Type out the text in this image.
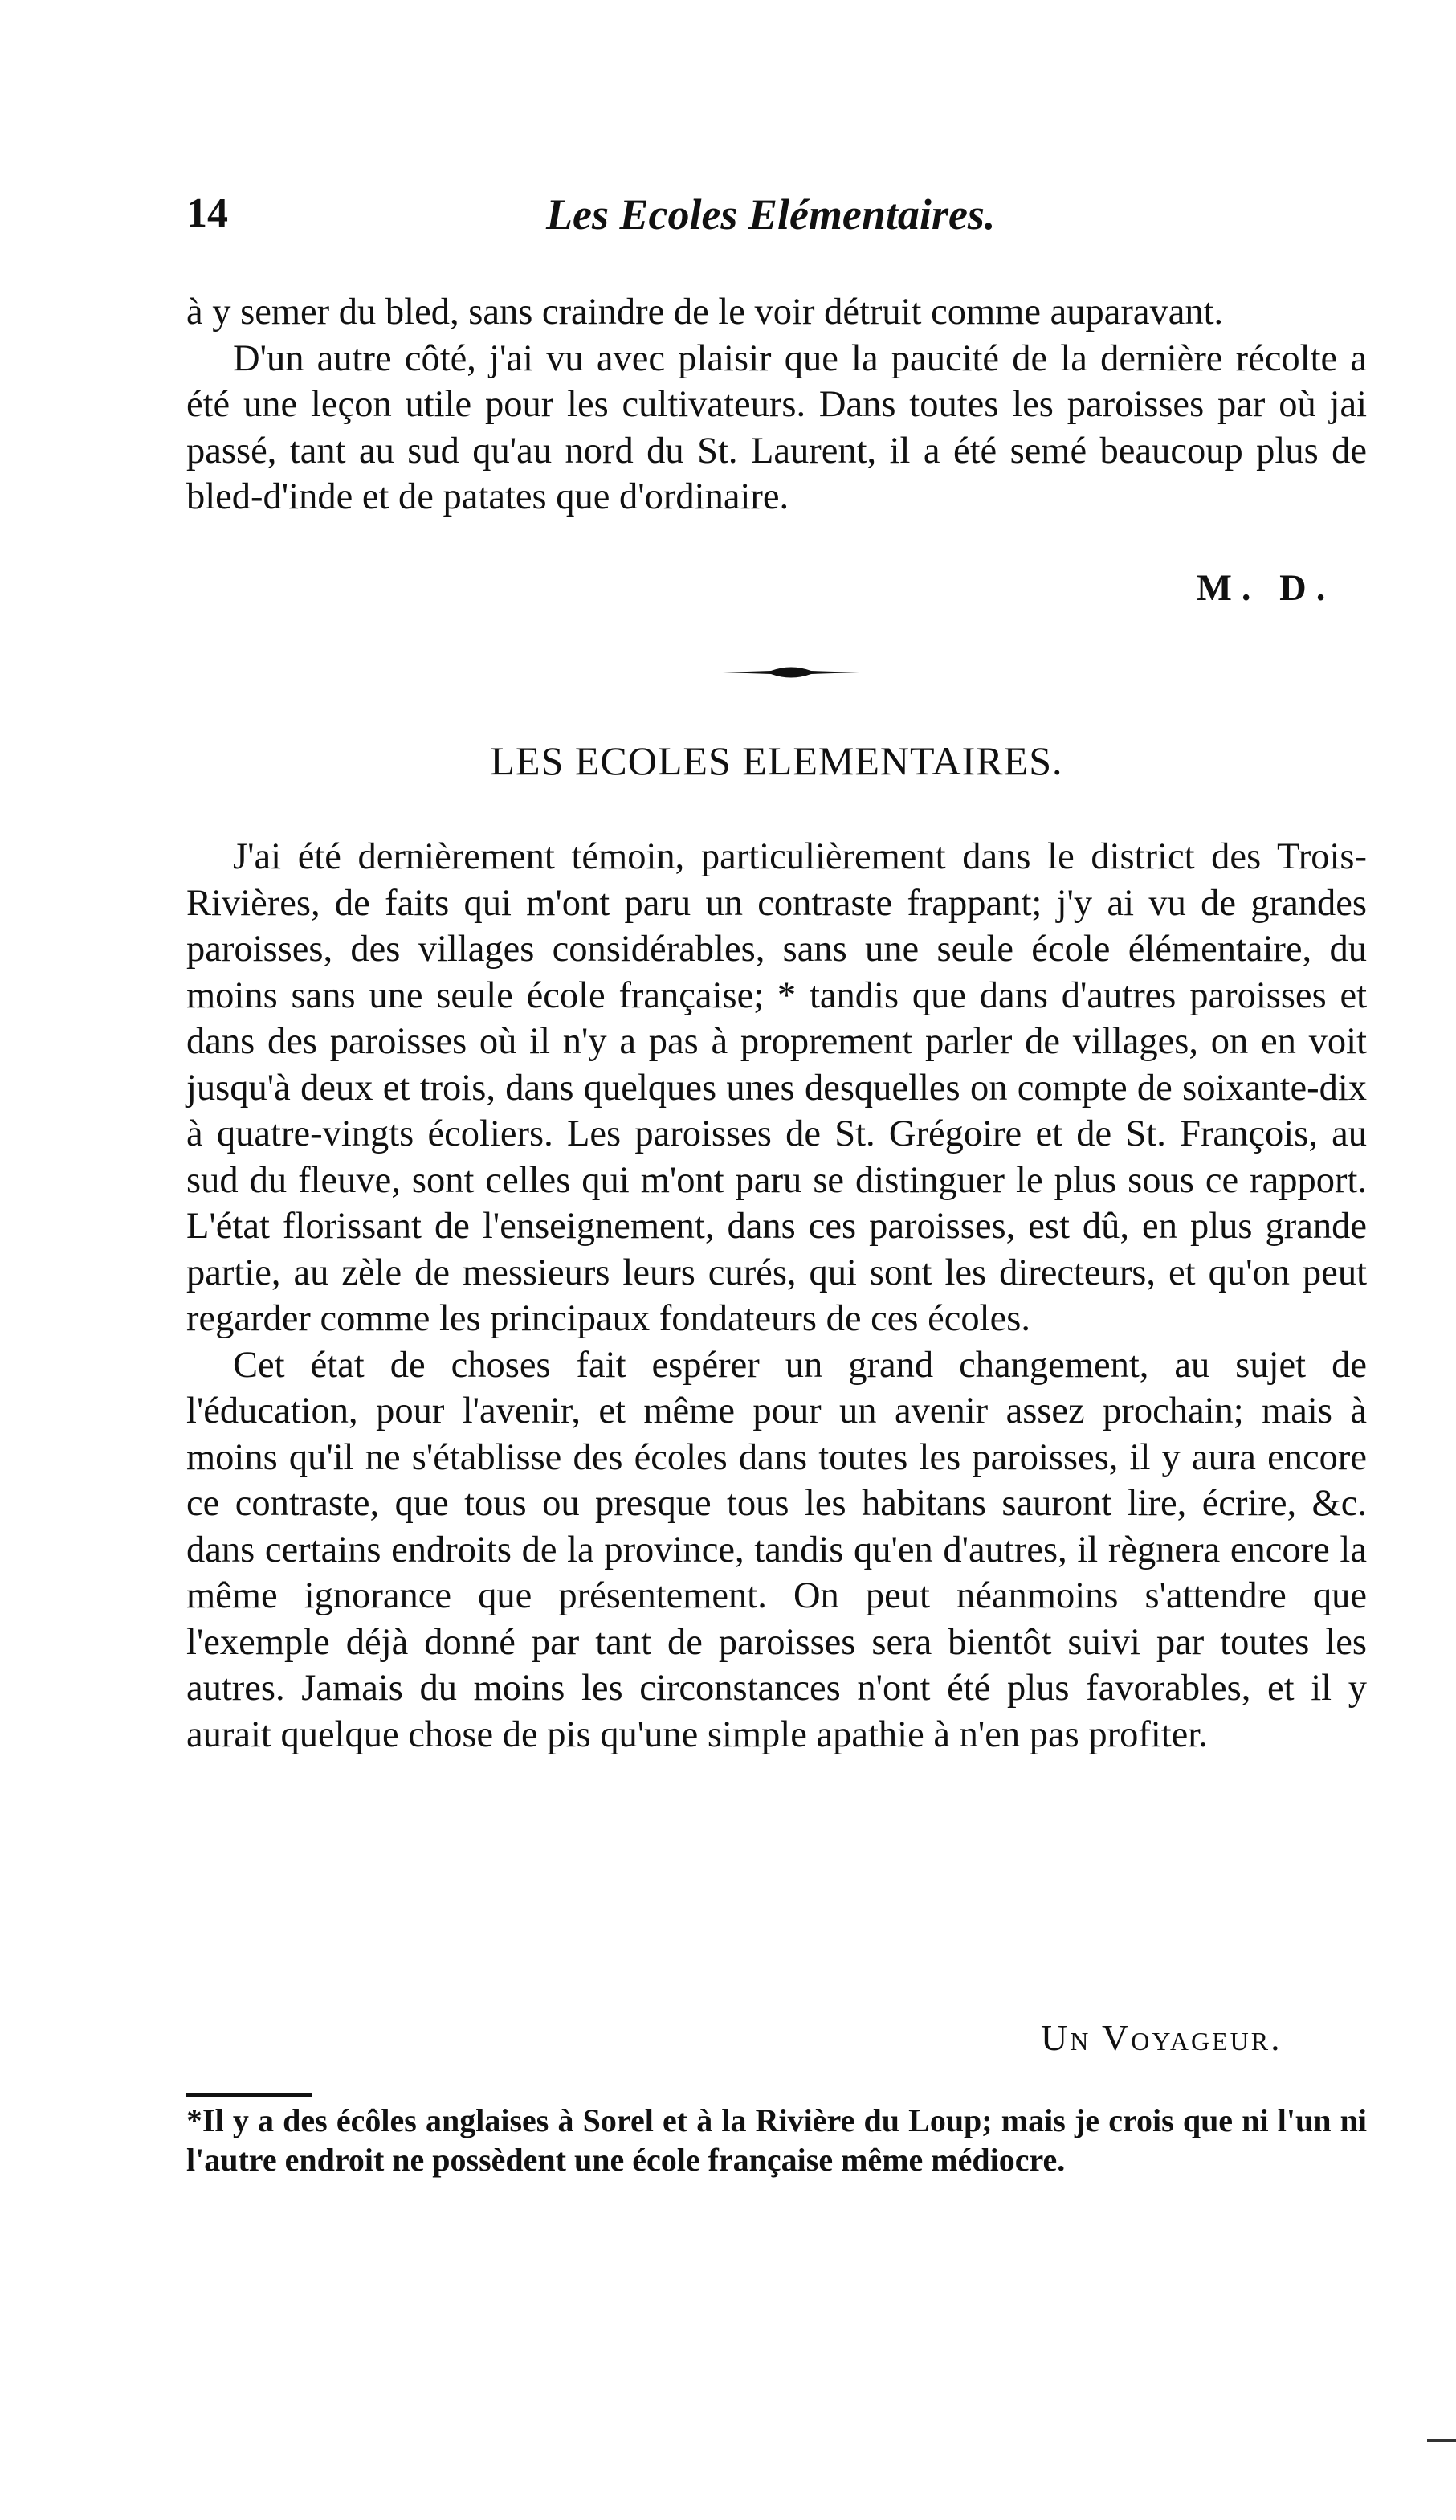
14	Les Ecoles Elémentaires.

à y semer du bled, sans craindre de le voir détruit comme auparavant.

D'un autre côté, j'ai vu avec plaisir que la paucité de la dernière récolte a été une leçon utile pour les cultivateurs. Dans toutes les paroisses par où jai passé, tant au sud qu'au nord du St. Laurent, il a été semé beaucoup plus de bled-d'inde et de patates que d'ordinaire.

M. D.
LES ECOLES ELEMENTAIRES.

J'ai été dernièrement témoin, particulièrement dans le district des Trois-Rivières, de faits qui m'ont paru un contraste frappant; j'y ai vu de grandes paroisses, des villages considérables, sans une seule école élémentaire, du moins sans une seule école française; * tandis que dans d'autres paroisses et dans des paroisses où il n'y a pas à proprement parler de villages, on en voit jusqu'à deux et trois, dans quelques unes desquelles on compte de soixante-dix à quatre-vingts écoliers. Les paroisses de St. Grégoire et de St. François, au sud du fleuve, sont celles qui m'ont paru se distinguer le plus sous ce rapport. L'état florissant de l'enseignement, dans ces paroisses, est dû, en plus grande partie, au zèle de messieurs leurs curés, qui sont les directeurs, et qu'on peut regarder comme les principaux fondateurs de ces écoles.

Cet état de choses fait espérer un grand changement, au sujet de l'éducation, pour l'avenir, et même pour un avenir assez prochain; mais à moins qu'il ne s'établisse des écoles dans toutes les paroisses, il y aura encore ce contraste, que tous ou presque tous les habitans sauront lire, écrire, &c. dans certains endroits de la province, tandis qu'en d'autres, il règnera encore la même ignorance que présentement. On peut néanmoins s'attendre que l'exemple déjà donné par tant de paroisses sera bientôt suivi par toutes les autres. Jamais du moins les circonstances n'ont été plus favorables, et il y aurait quelque chose de pis qu'une simple apathie à n'en pas profiter.

Un Voyageur.
*Il y a des écôles anglaises à Sorel et à la Rivière du Loup; mais je crois que ni l'un ni l'autre endroit ne possèdent une école française même médiocre.
